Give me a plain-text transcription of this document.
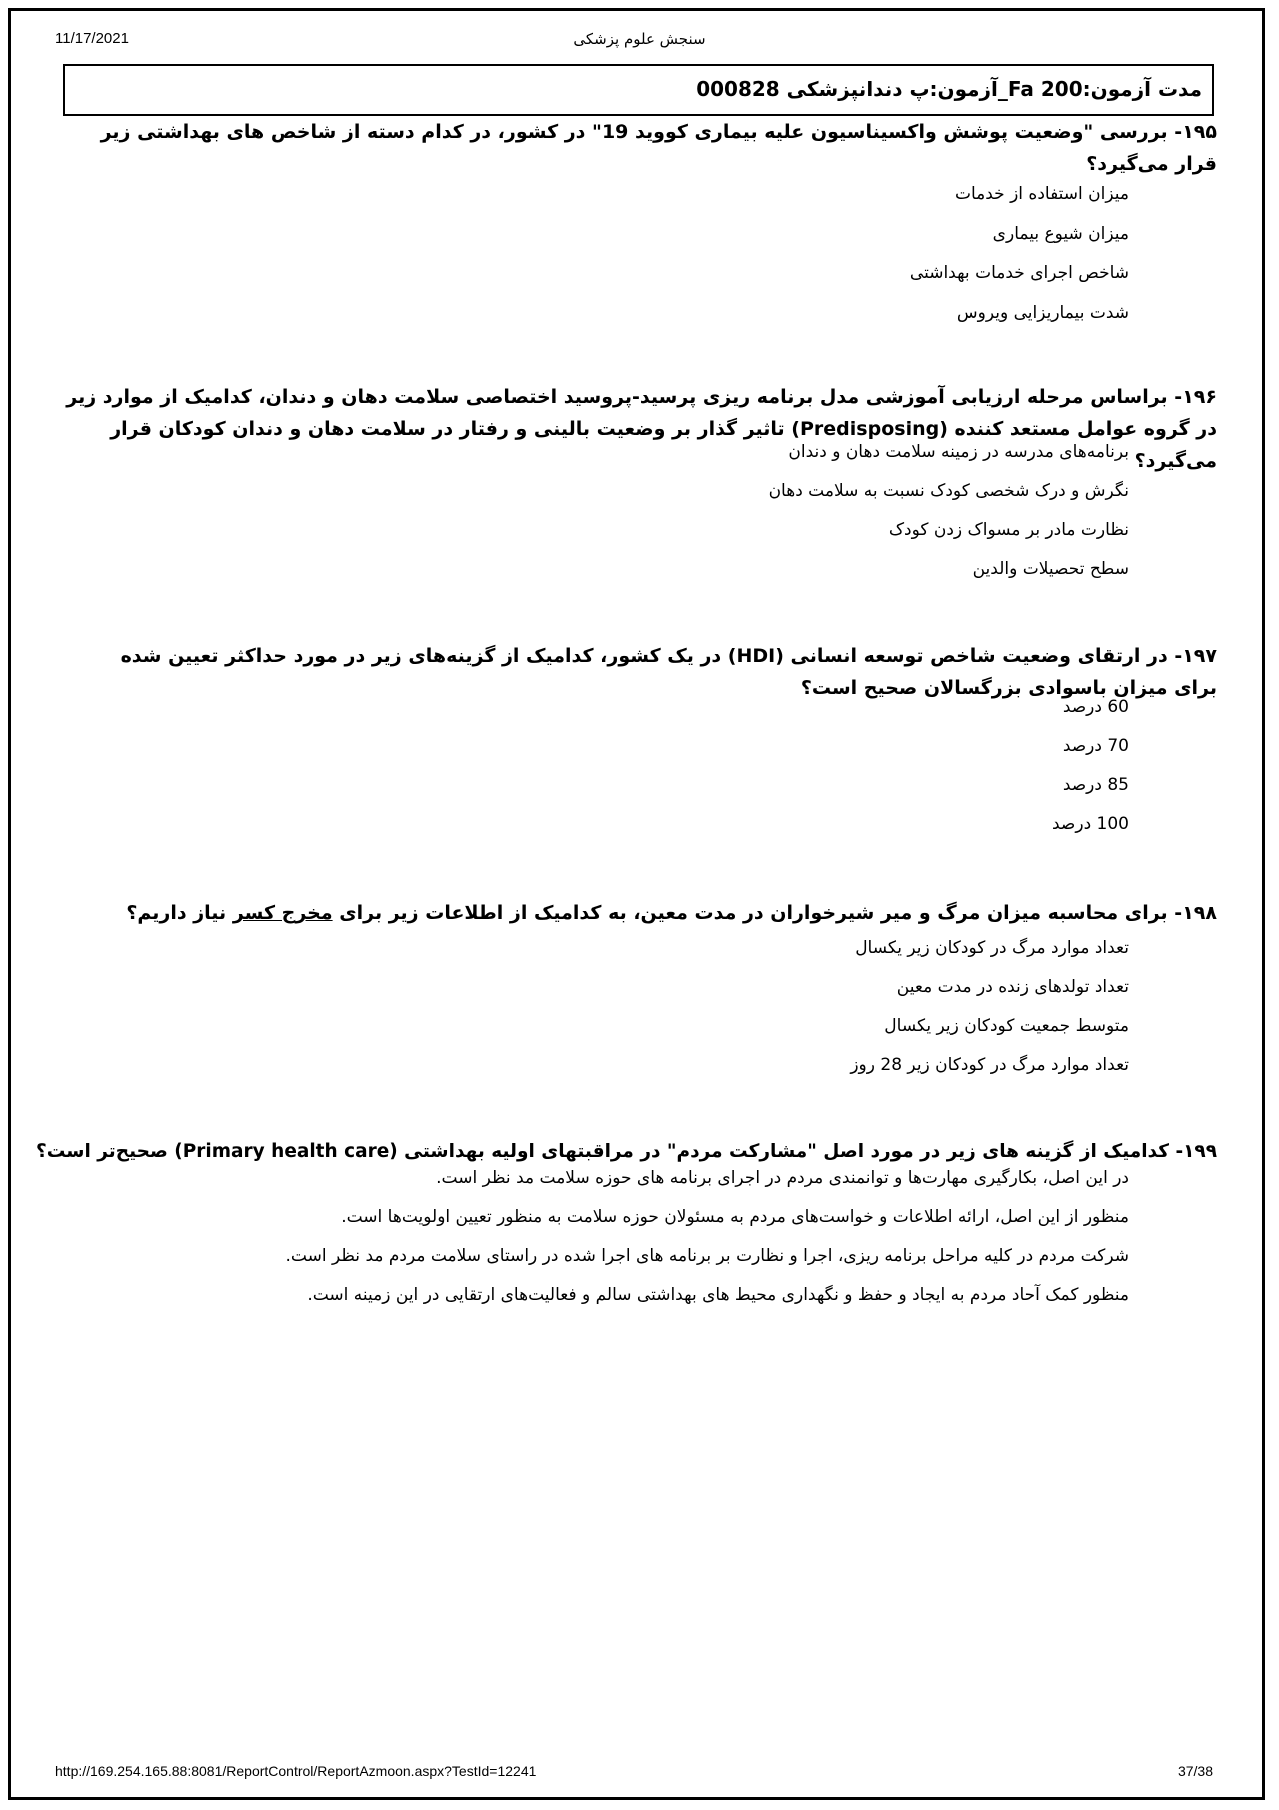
11/17/2021	سنجش علوم پزشکی
مدت آزمون:200 Fa_آزمون:پ دندانپزشکی 000828
۱۹۵- بررسی "وضعیت پوشش واکسیناسیون علیه بیماری کووید 19" در کشور، در کدام دسته از شاخص های بهداشتی زیر قرار می‌گیرد؟
میزان استفاده از خدمات
میزان شیوع بیماری
شاخص اجرای خدمات بهداشتی
شدت بیماریزایی ویروس
۱۹۶- براساس مرحله ارزیابی آموزشی مدل برنامه ریزی پرسید-پروسید اختصاصی سلامت دهان و دندان، کدامیک از موارد زیر در گروه عوامل مستعد کننده (Predisposing) تاثیر گذار بر وضعیت بالینی و رفتار در سلامت دهان و دندان کودکان قرار می‌گیرد؟
برنامه‌های مدرسه در زمینه سلامت دهان و دندان
نگرش و درک شخصی کودک نسبت به سلامت دهان
نظارت مادر بر مسواک زدن کودک
سطح تحصیلات والدین
۱۹۷- در ارتقای وضعیت شاخص توسعه انسانی (HDI) در یک کشور، کدامیک از گزینه‌های زیر در مورد حداکثر تعیین شده برای میزان باسوادی بزرگسالان صحیح است؟
60 درصد
70 درصد
85 درصد
100 درصد
۱۹۸- برای محاسبه میزان مرگ و میر شیرخواران در مدت معین، به کدامیک از اطلاعات زیر برای مخرج کسر نیاز داریم؟
تعداد موارد مرگ در کودکان زیر یکسال
تعداد تولدهای زنده در مدت معین
متوسط جمعیت کودکان زیر یکسال
تعداد موارد مرگ در کودکان زیر 28 روز
۱۹۹- کدامیک از گزینه های زیر در مورد اصل "مشارکت مردم" در مراقبتهای اولیه بهداشتی (Primary health care) صحیح‌تر است؟
در این اصل، بکارگیری مهارت‌ها و توانمندی مردم در اجرای برنامه های حوزه سلامت مد نظر است.
منظور از این اصل، ارائه اطلاعات و خواست‌های مردم به مسئولان حوزه سلامت به منظور تعیین اولویت‌ها است.
شرکت مردم در کلیه مراحل برنامه ریزی، اجرا و نظارت بر برنامه های اجرا شده در راستای سلامت مردم مد نظر است.
منظور کمک آحاد مردم به ایجاد و حفظ و نگهداری محیط های بهداشتی سالم و فعالیت‌های ارتقایی در این زمینه است.
http://169.254.165.88:8081/ReportControl/ReportAzmoon.aspx?TestId=12241	37/38
